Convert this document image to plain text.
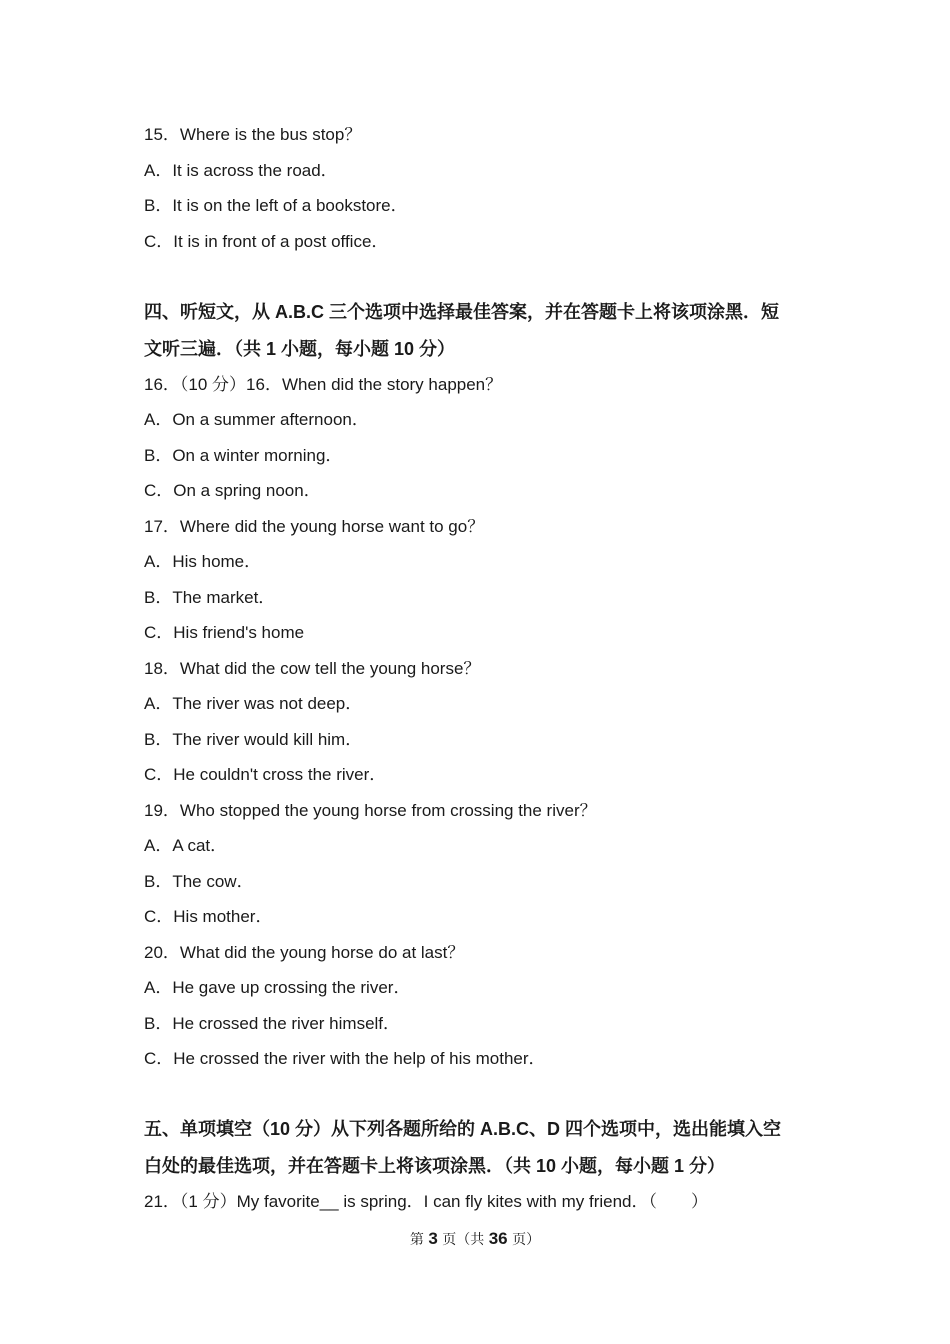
15．Where is the bus stop？
A．It is across the road．
B．It is on the left of a bookstore．
C．It is in front of a post office．
四、听短文，从 A.B.C 三个选项中选择最佳答案，并在答题卡上将该项涂黑．短
文听三遍．（共 1 小题，每小题 10 分）
16．（10 分）16．When did the story happen？
A．On a summer afternoon．
B．On a winter morning．
C．On a spring noon．
17．Where did the young horse want to go？
A．His home．
B．The market．
C．His friend's home
18．What did the cow tell the young horse？
A．The river was not deep．
B．The river would kill him．
C．He couldn't cross the river．
19．Who stopped the young horse from crossing the river？
A．A cat．
B．The cow．
C．His mother．
20．What did the young horse do at last？
A．He gave up crossing the river．
B．He crossed the river himself．
C．He crossed the river with the help of his mother．
五、单项填空（10 分）从下列各题所给的 A.B.C、D 四个选项中，选出能填入空
白处的最佳选项，并在答题卡上将该项涂黑．（共 10 小题，每小题 1 分）
21．（1 分）My favorite__ is spring．I can fly kites with my friend．（　　）
第 3 页（共 36 页）
